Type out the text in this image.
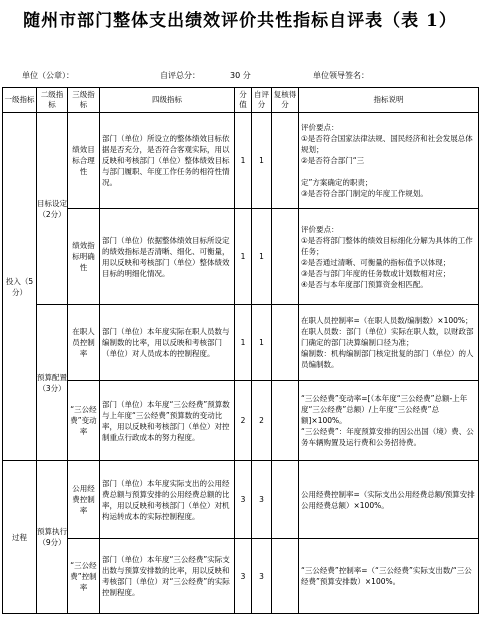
随州市部门整体支出绩效评价共性指标自评表（表 1）
单位（公章）：	自评总分：	30 分	单位领导签名：
一级指标	二级指标	三级指标	四级指标	分值	自评分	复核得分	指标说明
投入（5分）	目标设定（2分）	绩效目标合理性	部门（单位）所设立的整体绩效目标依据是否充分，是否符合客观实际，用以反映和考核部门（单位）整体绩效目标与部门履职、年度工作任务的相符性情况。	1	1		评价要点：
①是否符合国家法律法规、国民经济和社会发展总体规划；
②是否符合部门“三

定”方案确定的职责；
③是否符合部门制定的年度工作规划。

		绩效指标明确性	部门（单位）依据整体绩效目标所设定的绩效指标是否清晰、细化、可衡量，用以反映和考核部门（单位）整体绩效目标的明细化情况。	1	1		评价要点：
①是否将部门整体的绩效目标细化分解为具体的工作任务；
②是否通过清晰、可衡量的指标值予以体现；
③是否与部门年度的任务数或计划数相对应；
④是否与本年度部门预算资金相匹配。

	预算配置（3分）	在职人员控制率	部门（单位）本年度实际在职人员数与编制数的比率，用以反映和考核部门（单位）对人员成本的控制程度。	1	1		在职人员控制率=（在职人员数/编制数）×100%；
在职人员数：部门（单位）实际在职人数，以财政部门确定的部门决算编制口径为准；
编制数：机构编制部门核定批复的部门（单位）的人员编制数。

		“三公经费”变动率	部门（单位）本年度“三公经费”预算数与上年度“三公经费”预算数的变动比率，用以反映和考核部门（单位）对控制重点行政成本的努力程度。	2	2		“三公经费”变动率=[（本年度“三公经费”总额-上年度“三公经费”总额）/上年度“三公经费”总额]×100%。
“三公经费”：年度预算安排的因公出国（境）费、公务车辆购置及运行费和公务招待费。

过程	预算执行（9分）	公用经费控制率	部门（单位）本年度实际支出的公用经费总额与预算安排的公用经费总额的比率，用以反映和考核部门（单位）对机构运转成本的实际控制程度。	3	3		公用经费控制率=（实际支出公用经费总额/预算安排公用经费总额）×100%。

		“三公经费”控制率	部门（单位）本年度“三公经费”实际支出数与预算安排数的比率，用以反映和考核部门（单位）对“三公经费”的实际控制程度。	3	3		“三公经费”控制率=（“三公经费”实际支出数/“三公经费”预算安排数）×100%。
